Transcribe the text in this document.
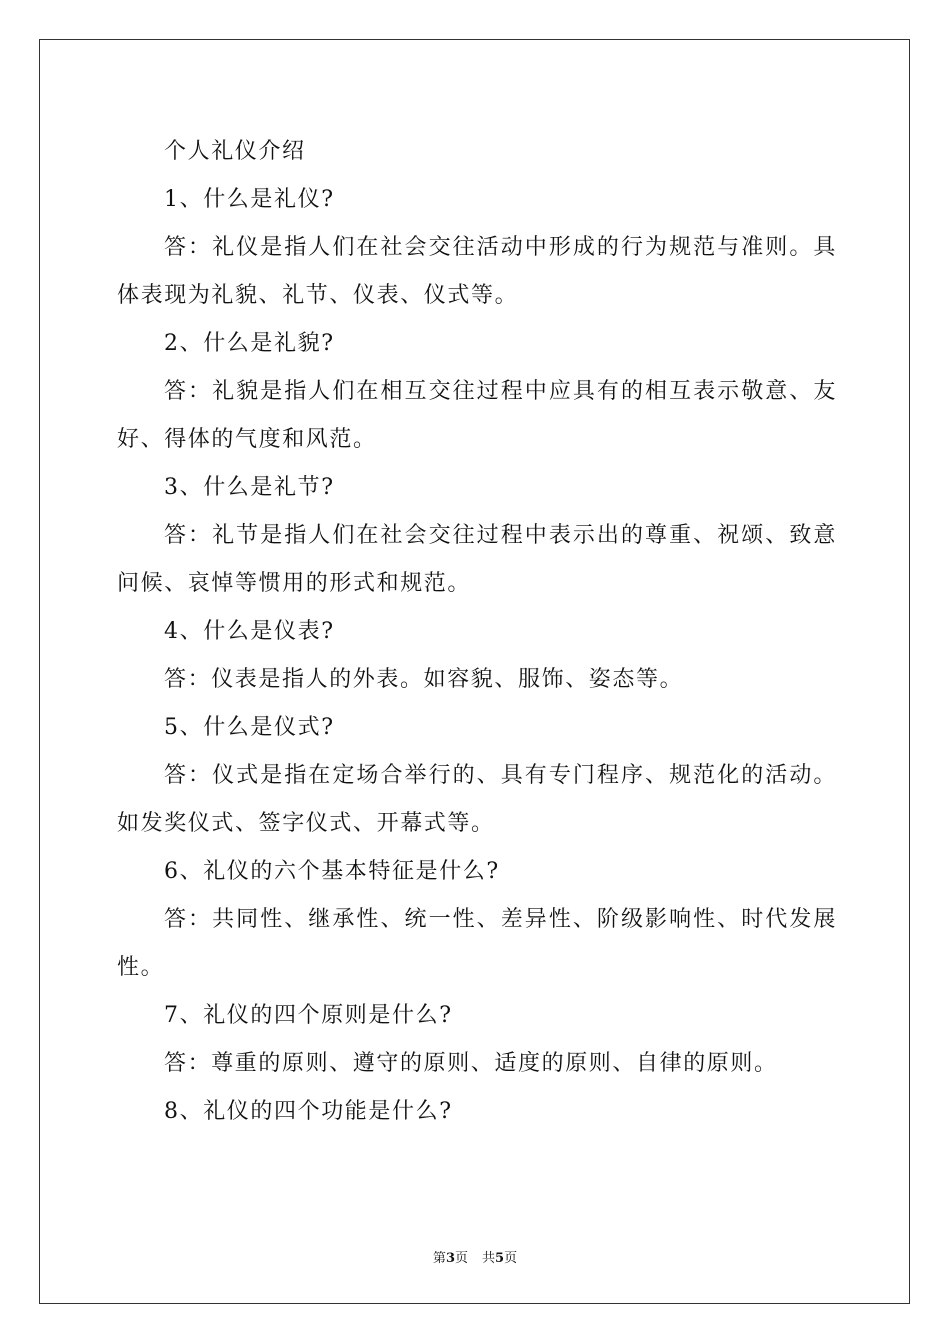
个人礼仪介绍
1、什么是礼仪?
答：礼仪是指人们在社会交往活动中形成的行为规范与准则。具体表现为礼貌、礼节、仪表、仪式等。
2、什么是礼貌?
答：礼貌是指人们在相互交往过程中应具有的相互表示敬意、友好、得体的气度和风范。
3、什么是礼节?
答：礼节是指人们在社会交往过程中表示出的尊重、祝颂、致意问候、哀悼等惯用的形式和规范。
4、什么是仪表?
答：仪表是指人的外表。如容貌、服饰、姿态等。
5、什么是仪式?
答：仪式是指在定场合举行的、具有专门程序、规范化的活动。如发奖仪式、签字仪式、开幕式等。
6、礼仪的六个基本特征是什么?
答：共同性、继承性、统一性、差异性、阶级影响性、时代发展性。
7、礼仪的四个原则是什么?
答：尊重的原则、遵守的原则、适度的原则、自律的原则。
8、礼仪的四个功能是什么?
第3页 共5页
